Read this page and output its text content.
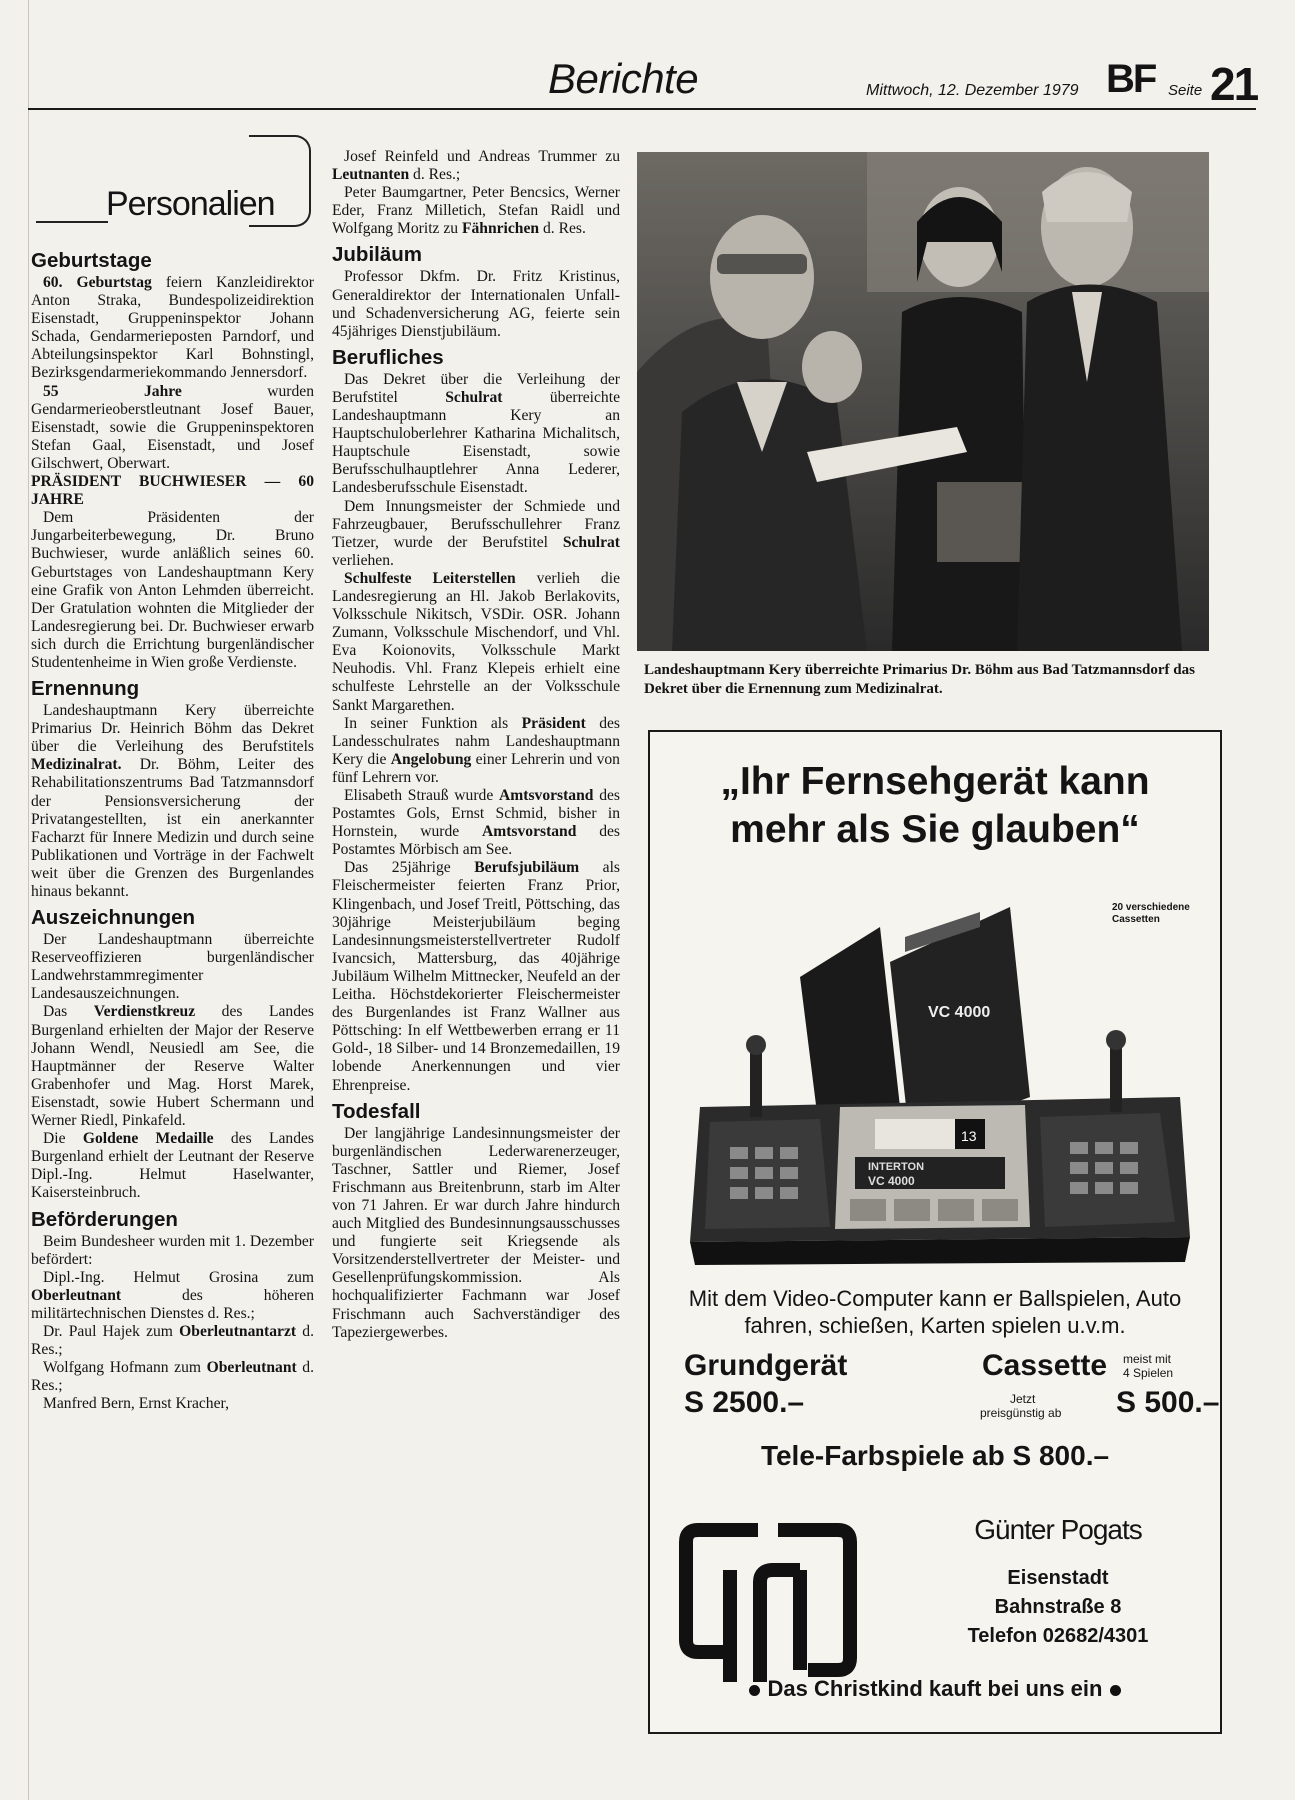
Berichte	Mittwoch, 12. Dezember 1979 BF Seite 21
Personalien
Geburtstage

60. Geburtstag feiern Kanzleidirektor Anton Straka, Bundespolizeidirektion Eisenstadt, Gruppeninspektor Johann Schada, Gendarmerieposten Parndorf, und Abteilungsinspektor Karl Bohnstingl, Bezirksgendarmeriekommando Jennersdorf.

55 Jahre wurden Gendarmerieoberstleutnant Josef Bauer, Eisenstadt, sowie die Gruppeninspektoren Stefan Gaal, Eisenstadt, und Josef Gilschwert, Oberwart.

PRÄSIDENT BUCHWIESER — 60 JAHRE

Dem Präsidenten der Jungarbeiterbewegung, Dr. Bruno Buchwieser, wurde anläßlich seines 60. Geburtstages von Landeshauptmann Kery eine Grafik von Anton Lehmden überreicht. Der Gratulation wohnten die Mitglieder der Landesregierung bei. Dr. Buchwieser erwarb sich durch die Errichtung burgenländischer Studentenheime in Wien große Verdienste.

Ernennung

Landeshauptmann Kery überreichte Primarius Dr. Heinrich Böhm das Dekret über die Verleihung des Berufstitels Medizinalrat. Dr. Böhm, Leiter des Rehabilitationszentrums Bad Tatzmannsdorf der Pensionsversicherung der Privatangestellten, ist ein anerkannter Facharzt für Innere Medizin und durch seine Publikationen und Vorträge in der Fachwelt weit über die Grenzen des Burgenlandes hinaus bekannt.

Auszeichnungen

Der Landeshauptmann überreichte Reserveoffizieren burgenländischer Landwehrstammregimenter Landesauszeichnungen.

Das Verdienstkreuz des Landes Burgenland erhielten der Major der Reserve Johann Wendl, Neusiedl am See, die Hauptmänner der Reserve Walter Grabenhofer und Mag. Horst Marek, Eisenstadt, sowie Hubert Schermann und Werner Riedl, Pinkafeld.

Die Goldene Medaille des Landes Burgenland erhielt der Leutnant der Reserve Dipl.-Ing. Helmut Haselwanter, Kaisersteinbruch.

Beförderungen

Beim Bundesheer wurden mit 1. Dezember befördert:

Dipl.-Ing. Helmut Grosina zum Oberleutnant des höheren militärtechnischen Dienstes d. Res.;

Dr. Paul Hajek zum Oberleutnantarzt d. Res.;

Wolfgang Hofmann zum Oberleutnant d. Res.;

Manfred Bern, Ernst Kracher,

Josef Reinfeld und Andreas Trummer zu Leutnanten d. Res.;

Peter Baumgartner, Peter Bencsics, Werner Eder, Franz Milletich, Stefan Raidl und Wolfgang Moritz zu Fähnrichen d. Res.

Jubiläum

Professor Dkfm. Dr. Fritz Kristinus, Generaldirektor der Internationalen Unfall- und Schadenversicherung AG, feierte sein 45jähriges Dienstjubiläum.

Berufliches

Das Dekret über die Verleihung der Berufstitel Schulrat überreichte Landeshauptmann Kery an Hauptschuloberlehrer Katharina Michalitsch, Hauptschule Eisenstadt, sowie Berufsschulhauptlehrer Anna Lederer, Landesberufsschule Eisenstadt.

Dem Innungsmeister der Schmiede und Fahrzeugbauer, Berufsschullehrer Franz Tietzer, wurde der Berufstitel Schulrat verliehen.

Schulfeste Leiterstellen verlieh die Landesregierung an Hl. Jakob Berlakovits, Volksschule Nikitsch, VSDir. OSR. Johann Zumann, Volksschule Mischendorf, und Vhl. Eva Koionovits, Volksschule Markt Neuhodis. Vhl. Franz Klepeis erhielt eine schulfeste Lehrstelle an der Volksschule Sankt Margarethen.

In seiner Funktion als Präsident des Landesschulrates nahm Landeshauptmann Kery die Angelobung einer Lehrerin und von fünf Lehrern vor.

Elisabeth Strauß wurde Amtsvorstand des Postamtes Gols, Ernst Schmid, bisher in Hornstein, wurde Amtsvorstand des Postamtes Mörbisch am See.

Das 25jährige Berufsjubiläum als Fleischermeister feierten Franz Prior, Klingenbach, und Josef Treitl, Pöttsching, das 30jährige Meisterjubiläum beging Landesinnungsmeisterstellvertreter Rudolf Ivancsich, Mattersburg, das 40jährige Jubiläum Wilhelm Mittnecker, Neufeld an der Leitha. Höchstdekorierter Fleischermeister des Burgenlandes ist Franz Wallner aus Pöttsching: In elf Wettbewerben errang er 11 Gold-, 18 Silber- und 14 Bronzemedaillen, 19 lobende Anerkennungen und vier Ehrenpreise.

Todesfall

Der langjährige Landesinnungsmeister der burgenländischen Lederwarenerzeuger, Taschner, Sattler und Riemer, Josef Frischmann aus Breitenbrunn, starb im Alter von 71 Jahren. Er war durch Jahre hindurch auch Mitglied des Bundesinnungsausschusses und fungierte seit Kriegsende als Vorsitzenderstellvertreter der Meister- und Gesellenprüfungskommission. Als hochqualifizierter Fachmann war Josef Frischmann auch Sachverständiger des Tapeziergewerbes.

Landeshauptmann Kery überreichte Primarius Dr. Böhm aus Bad Tatzmannsdorf das Dekret über die Ernennung zum Medizinalrat.
„Ihr Fernsehgerät kann
mehr als Sie glauben“
20 verschiedene
Cassetten
VC 4000
13
INTERTON
VC 4000
Mit dem Video-Computer kann er Ballspielen, Auto
fahren, schießen, Karten spielen u.v.m.
Grundgerät
S 2500.–
Cassette meist mit
4 Spielen
Jetzt
preisgünstig ab	S 500.–
Tele-Farbspiele ab S 800.–
Günter Pogats
Eisenstadt
Bahnstraße 8
Telefon 02682/4301
Das Christkind kauft bei uns ein
